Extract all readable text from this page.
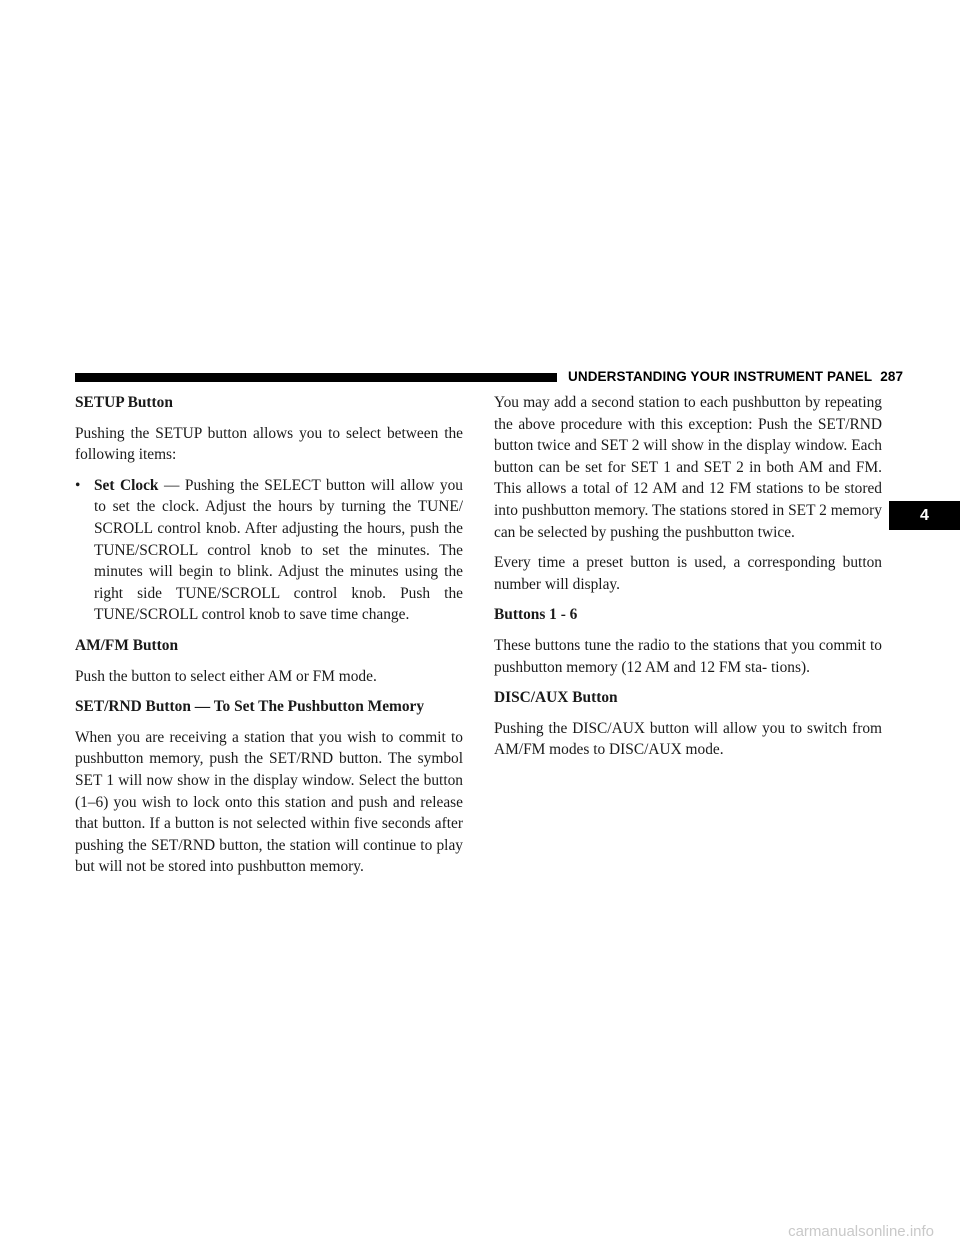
UNDERSTANDING YOUR INSTRUMENT PANEL 287
4
SETUP Button

Pushing the SETUP button allows you to select between the following items:

• Set Clock — Pushing the SELECT button will allow you to set the clock. Adjust the hours by turning the TUNE/ SCROLL control knob. After adjusting the hours, push the TUNE/SCROLL control knob to set the minutes. The minutes will begin to blink. Adjust the minutes using the right side TUNE/SCROLL control knob. Push the TUNE/SCROLL control knob to save time change.
AM/FM Button

Push the button to select either AM or FM mode.

SET/RND Button — To Set The Pushbutton Memory

When you are receiving a station that you wish to commit to pushbutton memory, push the SET/RND button. The symbol SET 1 will now show in the display window. Select the button (1–6) you wish to lock onto this station and push and release that button. If a button is not selected within five seconds after pushing the SET/RND button, the station will continue to play but will not be stored into pushbutton memory.

You may add a second station to each pushbutton by repeating the above procedure with this exception: Push the SET/RND button twice and SET 2 will show in the display window. Each button can be set for SET 1 and SET 2 in both AM and FM. This allows a total of 12 AM and 12 FM stations to be stored into pushbutton memory. The stations stored in SET 2 memory can be selected by pushing the pushbutton twice.

Every time a preset button is used, a corresponding button number will display.

Buttons 1 - 6

These buttons tune the radio to the stations that you commit to pushbutton memory (12 AM and 12 FM sta- tions).

DISC/AUX Button

Pushing the DISC/AUX button will allow you to switch from AM/FM modes to DISC/AUX mode.

carmanualsonline.info
